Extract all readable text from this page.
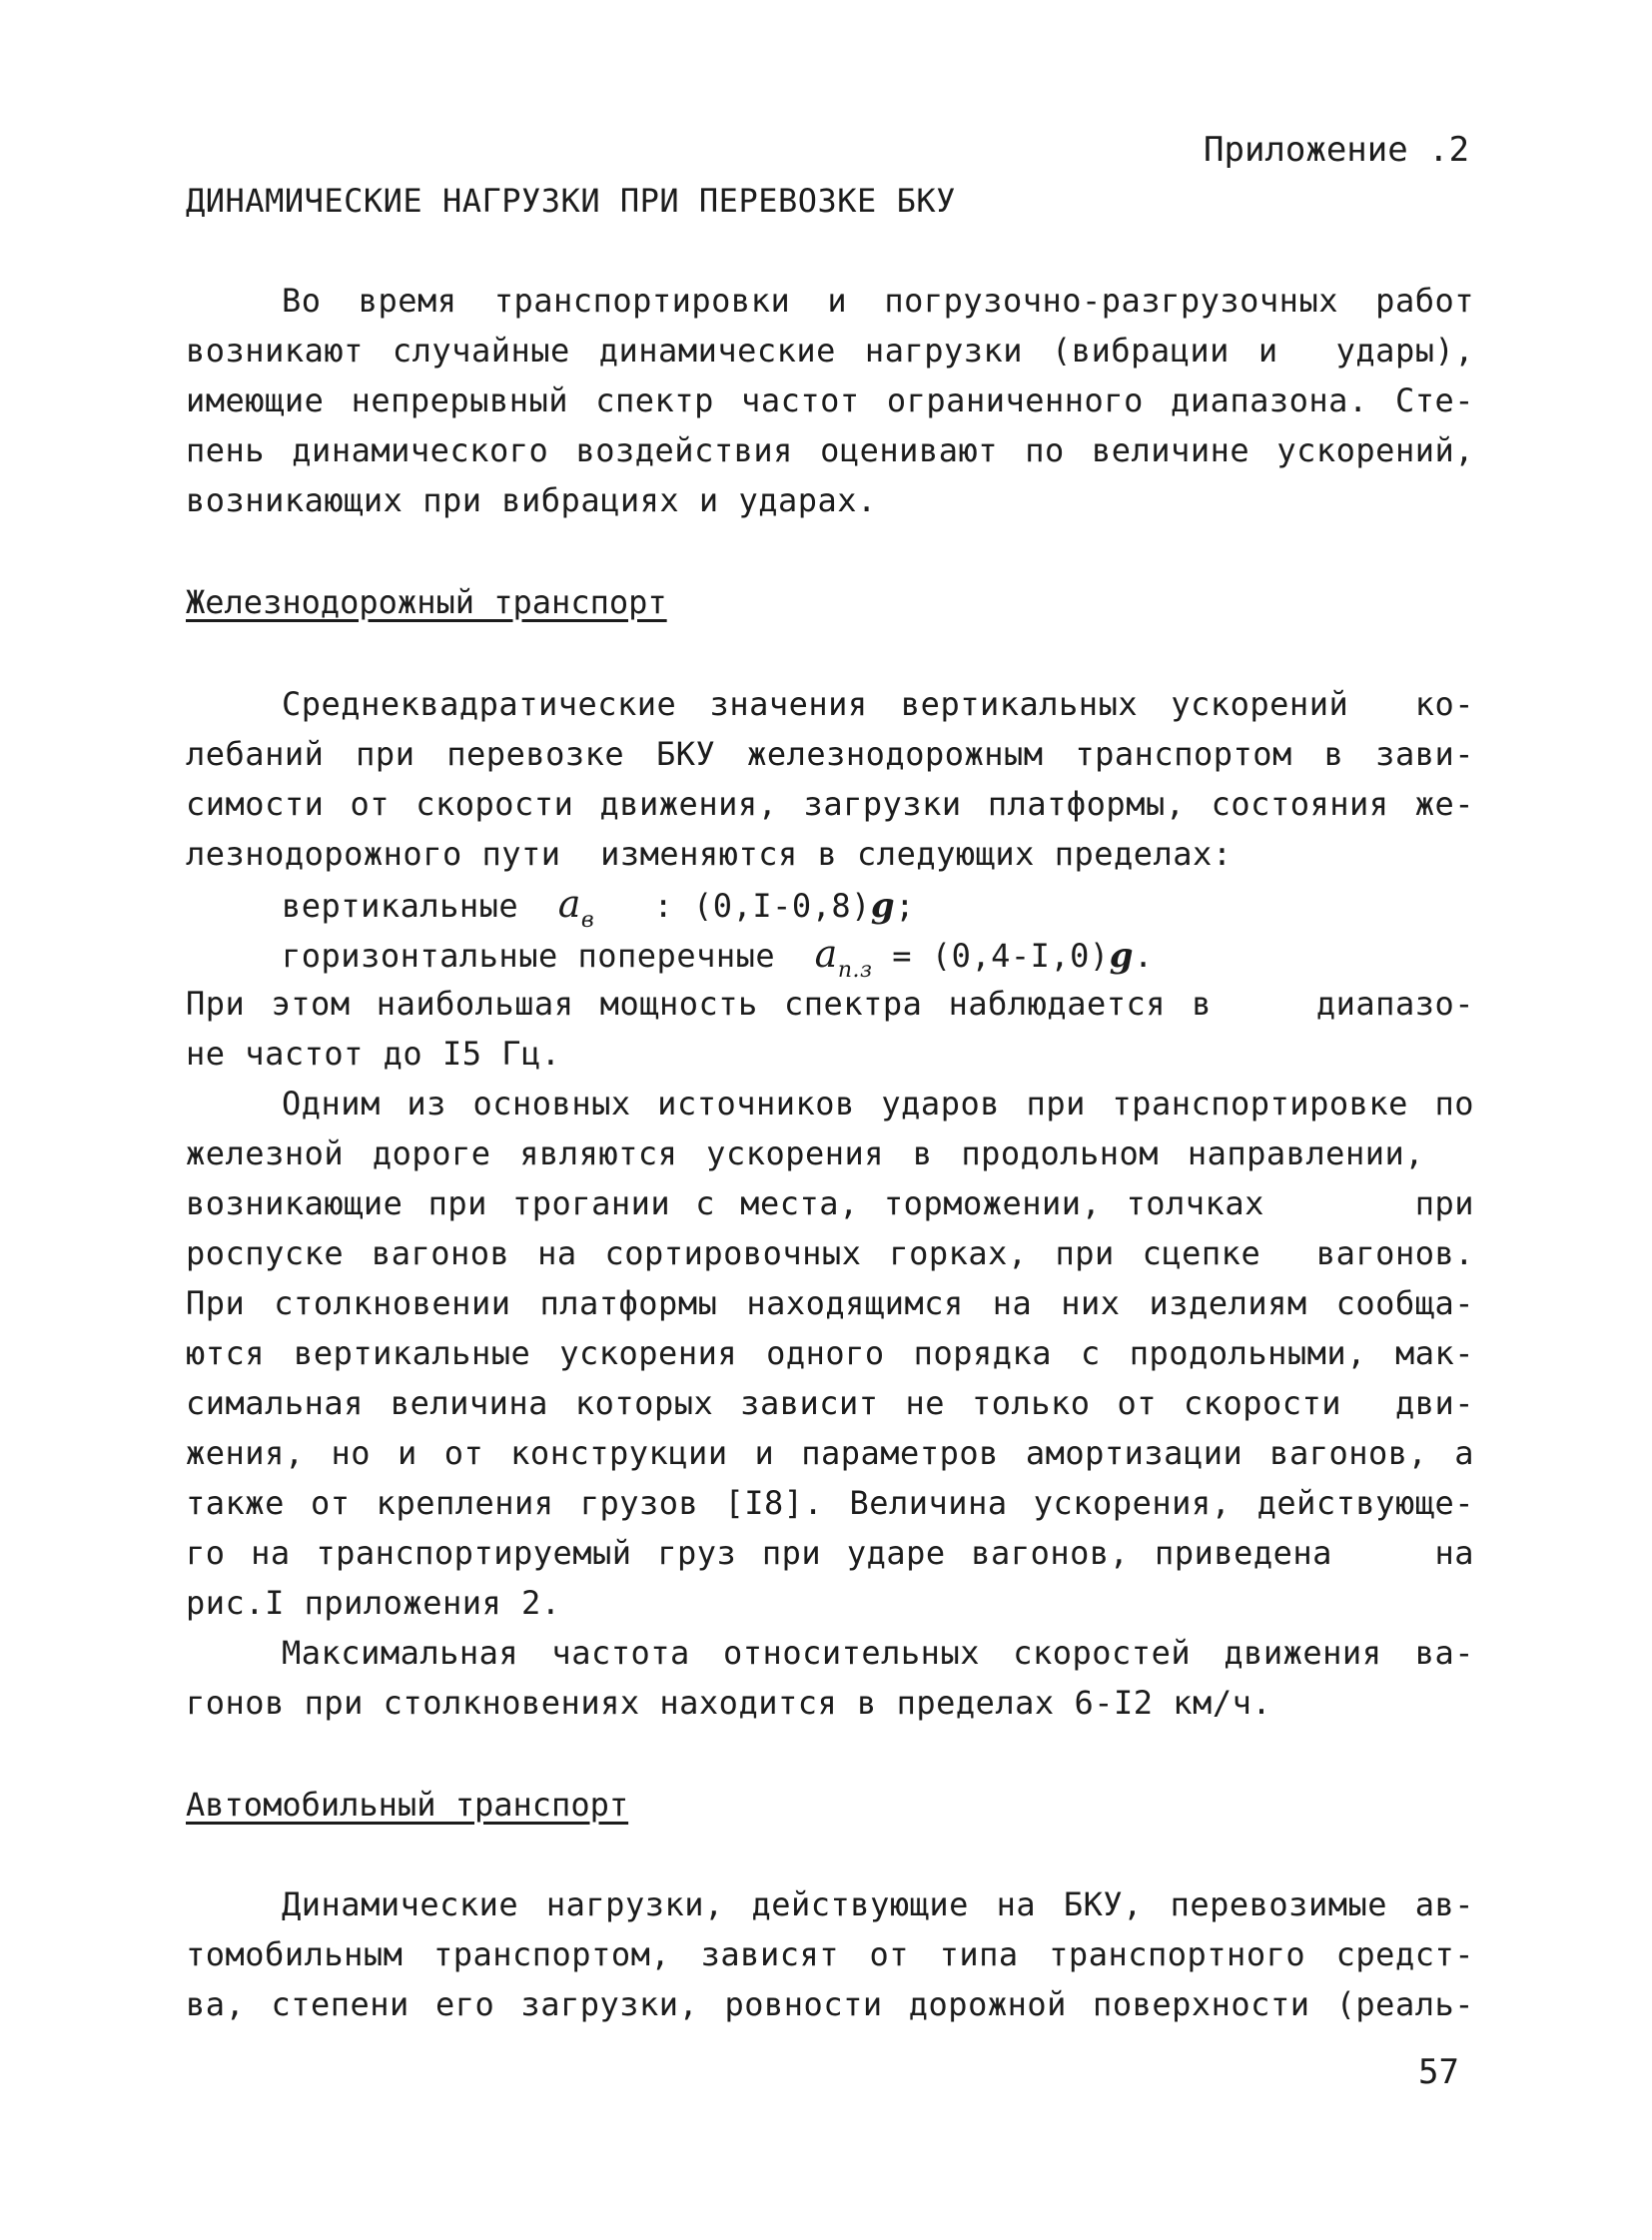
Приложение .2
ДИНАМИЧЕСКИЕ НАГРУЗКИ ПРИ ПЕРЕВОЗКЕ БКУ
Во время транспортировки и погрузочно-разгрузочных работ
возникают случайные динамические нагрузки (вибрации и  удары),
имеющие непрерывный спектр частот ограниченного диапазона. Сте-
пень динамического воздействия оценивают по величине ускорений,
возникающих при вибрациях и ударах.
Железнодорожный транспорт
Среднеквадратические значения вертикальных ускорений  ко-
лебаний при перевозке БКУ железнодорожным транспортом в зави-
симости от скорости движения, загрузки платформы, состояния же-
лезнодорожного пути  изменяются в следующих пределах:
вертикальные $a_в$ : (0,I-0,8)g;
горизонтальные поперечные $a_{п.з} = (0,4-I,0)g$.
При этом наибольшая мощность спектра наблюдается в    диапазо-
не частот до I5 Гц.
Одним из основных источников ударов при транспортировке по
железной дороге являются ускорения в продольном направлении,
возникающие при трогании с места, торможении, толчках      при
роспуске вагонов на сортировочных горках, при сцепке  вагонов.
При столкновении платформы находящимся на них изделиям сообща-
ются вертикальные ускорения одного порядка с продольными, мак-
симальная величина которых зависит не только от скорости  дви-
жения, но и от конструкции и параметров амортизации вагонов, а
также от крепления грузов [I8]. Величина ускорения, действующе-
го на транспортируемый груз при ударе вагонов, приведена    на
рис.I приложения 2.
Максимальная частота относительных скоростей движения ва-
гонов при столкновениях находится в пределах 6-I2 км/ч.
Автомобильный транспорт
Динамические нагрузки, действующие на БКУ, перевозимые ав-
томобильным транспортом, зависят от типа транспортного средст-
ва, степени его загрузки, ровности дорожной поверхности (реаль-
57
